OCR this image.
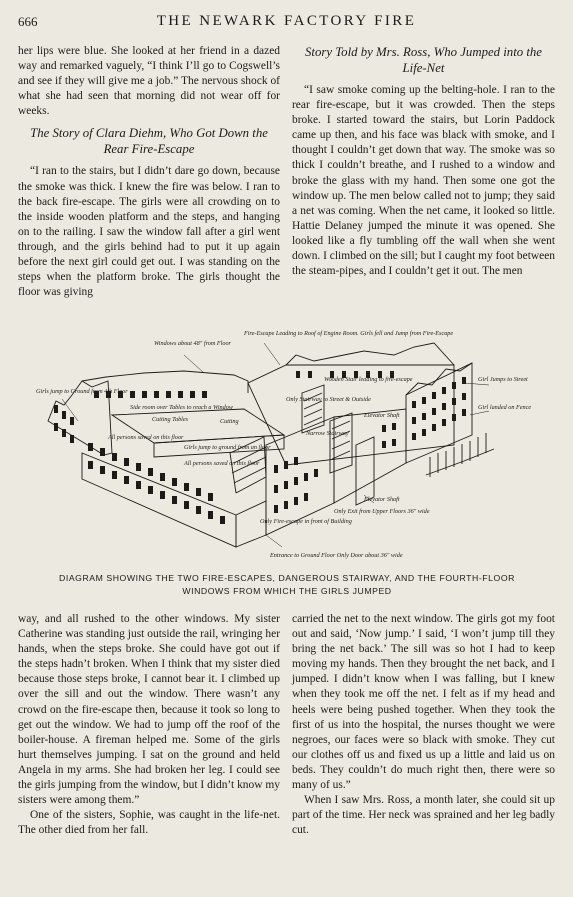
666	THE NEWARK FACTORY FIRE

her lips were blue. She looked at her friend in a dazed way and remarked vaguely, “I think I’ll go to Cogswell’s and see if they will give me a job.” The nervous shock of what she had seen that morning did not wear off for weeks.

The Story of Clara Diehm, Who Got Down the Rear Fire-Escape

“I ran to the stairs, but I didn’t dare go down, because the smoke was thick. I knew the fire was below. I ran to the back fire-escape. The girls were all crowding on to the inside wooden platform and the steps, and hanging on to the railing. I saw the window fall after a girl went through, and the girls behind had to put it up again before the next girl could get out. I was standing on the steps when the platform broke. The girls thought the floor was giving

Story Told by Mrs. Ross, Who Jumped into the Life-Net

“I saw smoke coming up the belting-hole. I ran to the rear fire-escape, but it was crowded. Then the steps broke. I started toward the stairs, but Lorin Paddock came up then, and his face was black with smoke, and I thought I couldn’t get down that way. The smoke was so thick I couldn’t breathe, and I rushed to a window and broke the glass with my hand. Then some one got the window up. The men below called not to jump; they said a net was coming. When the net came, it looked so little. Hattie Delaney jumped the minute it was opened. She looked like a fly tumbling off the wall when she went down. I climbed on the sill; but I caught my foot between the steam-pipes, and I couldn’t get it out. The men

Windows about 48″ from Floor
Fire-Escape Leading to Roof of Engine Room. Girls fell and Jump from Fire-Escape
Girls jump to Ground from 4th Floor
Side room over Tables to reach a Window
Cutting Tables	Cutting
All persons saved on this floor
Girls jump to ground from an floor
All persons saved on this floor
Wooden Stair leading to fire-escape
Only Stairway to Street & Outside
Narrow Stairway
Elevator Shaft
Girl Jumps to Street
Girl landed on Fence
Elevator Shaft
Only Exit from Upper Floors 36″ wide
Only Fire-escape in front of Building
Entrance to Ground Floor Only Door about 36″ wide
DIAGRAM SHOWING THE TWO FIRE-ESCAPES, DANGEROUS STAIRWAY, AND THE FOURTH-FLOOR WINDOWS FROM WHICH THE GIRLS JUMPED

way, and all rushed to the other windows. My sister Catherine was standing just outside the rail, wringing her hands, when the steps broke. She could have got out if the steps hadn’t broken. When I think that my sister died because those steps broke, I cannot bear it. I climbed up over the sill and out the window. There wasn’t any crowd on the fire-escape then, because it took so long to get out the window. We had to jump off the roof of the boiler-house. A fireman helped me. Some of the girls hurt themselves jumping. I sat on the ground and held Angela in my arms. She had broken her leg. I could see the girls jumping from the window, but I didn’t know my sisters were among them.”

One of the sisters, Sophie, was caught in the life-net. The other died from her fall.

carried the net to the next window. The girls got my foot out and said, ‘Now jump.’ I said, ‘I won’t jump till they bring the net back.’ The sill was so hot I had to keep moving my hands. Then they brought the net back, and I jumped. I didn’t know when I was falling, but I knew when they took me off the net. I felt as if my head and heels were being pushed together. When they took the first of us into the hospital, the nurses thought we were negroes, our faces were so black with smoke. They cut our clothes off us and fixed us up a little and laid us on beds. They couldn’t do much right then, there were so many of us.”

When I saw Mrs. Ross, a month later, she could sit up part of the time. Her neck was sprained and her leg badly cut.
